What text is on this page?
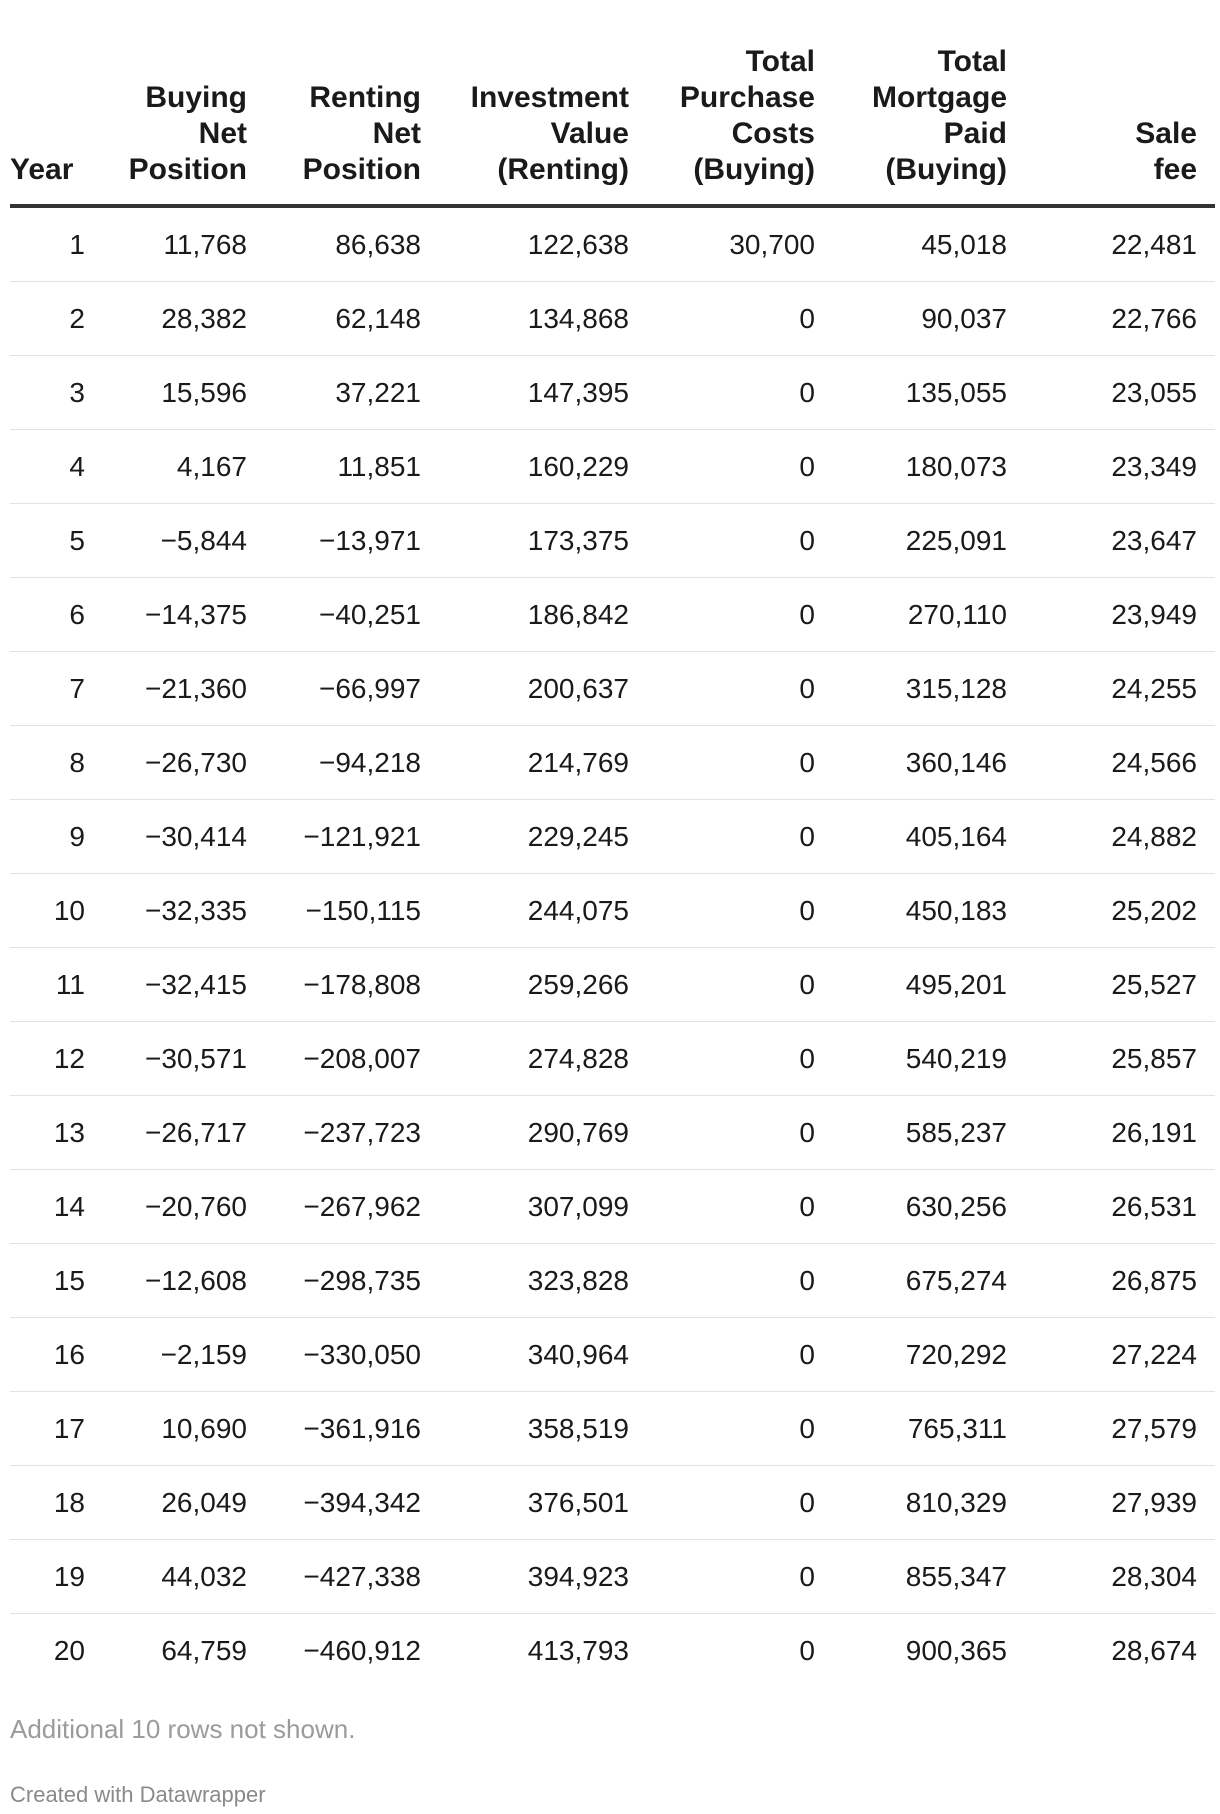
Year	Buying
Net
Position	Renting
Net
Position	Investment
Value
(Renting)	Total
Purchase
Costs
(Buying)	Total
Mortgage
Paid
(Buying)	Sale
fee

1	11,768	86,638	122,638	30,700	45,018	22,481
2	28,382	62,148	134,868	0	90,037	22,766
3	15,596	37,221	147,395	0	135,055	23,055
4	4,167	11,851	160,229	0	180,073	23,349
5	−5,844	−13,971	173,375	0	225,091	23,647
6	−14,375	−40,251	186,842	0	270,110	23,949
7	−21,360	−66,997	200,637	0	315,128	24,255
8	−26,730	−94,218	214,769	0	360,146	24,566
9	−30,414	−121,921	229,245	0	405,164	24,882
10	−32,335	−150,115	244,075	0	450,183	25,202
11	−32,415	−178,808	259,266	0	495,201	25,527
12	−30,571	−208,007	274,828	0	540,219	25,857
13	−26,717	−237,723	290,769	0	585,237	26,191
14	−20,760	−267,962	307,099	0	630,256	26,531
15	−12,608	−298,735	323,828	0	675,274	26,875
16	−2,159	−330,050	340,964	0	720,292	27,224
17	10,690	−361,916	358,519	0	765,311	27,579
18	26,049	−394,342	376,501	0	810,329	27,939
19	44,032	−427,338	394,923	0	855,347	28,304
20	64,759	−460,912	413,793	0	900,365	28,674
Additional 10 rows not shown.
Created with Datawrapper
